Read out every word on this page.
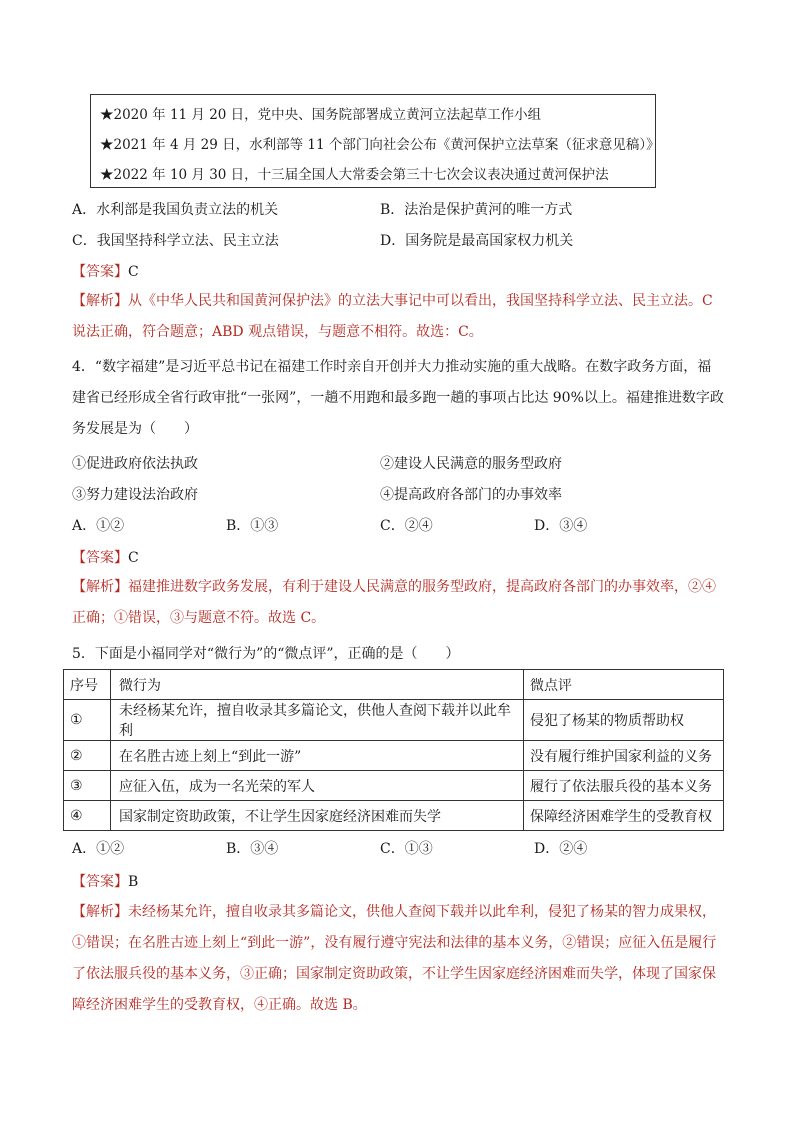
★2020 年 11 月 20 日，党中央、国务院部署成立黄河立法起草工作小组
★2021 年 4 月 29 日，水利部等 11 个部门向社会公布《黄河保护立法草案（征求意见稿）》
★2022 年 10 月 30 日，十三届全国人大常委会第三十七次会议表决通过黄河保护法
A．水利部是我国负责立法的机关	B．法治是保护黄河的唯一方式
C．我国坚持科学立法、民主立法	D．国务院是最高国家权力机关
【答案】C
【解析】从《中华人民共和国黄河保护法》的立法大事记中可以看出，我国坚持科学立法、民主立法。C 说法正确，符合题意；ABD 观点错误，与题意不相符。故选：C。
4．“数字福建”是习近平总书记在福建工作时亲自开创并大力推动实施的重大战略。在数字政务方面，福建省已经形成全省行政审批“一张网”，一趟不用跑和最多跑一趟的事项占比达 90%以上。福建推进数字政务发展是为（　　）
①促进政府依法执政	②建设人民满意的服务型政府
③努力建设法治政府	④提高政府各部门的办事效率
A．①②	B．①③	C．②④	D．③④
【答案】C
【解析】福建推进数字政务发展，有利于建设人民满意的服务型政府，提高政府各部门的办事效率，②④正确；①错误，③与题意不符。故选 C。
5．下面是小福同学对“微行为”的“微点评”，正确的是（　　）
序号	微行为	微点评
①	未经杨某允许，擅自收录其多篇论文，供他人查阅下载并以此牟利	侵犯了杨某的物质帮助权
②	在名胜古迹上刻上“到此一游”	没有履行维护国家利益的义务
③	应征入伍，成为一名光荣的军人	履行了依法服兵役的基本义务
④	国家制定资助政策，不让学生因家庭经济困难而失学	保障经济困难学生的受教育权
A．①②	B．③④	C．①③	D．②④
【答案】B
【解析】未经杨某允许，擅自收录其多篇论文，供他人查阅下载并以此牟利，侵犯了杨某的智力成果权，①错误；在名胜古迹上刻上“到此一游”，没有履行遵守宪法和法律的基本义务，②错误；应征入伍是履行了依法服兵役的基本义务，③正确；国家制定资助政策，不让学生因家庭经济困难而失学，体现了国家保障经济困难学生的受教育权，④正确。故选 B。
